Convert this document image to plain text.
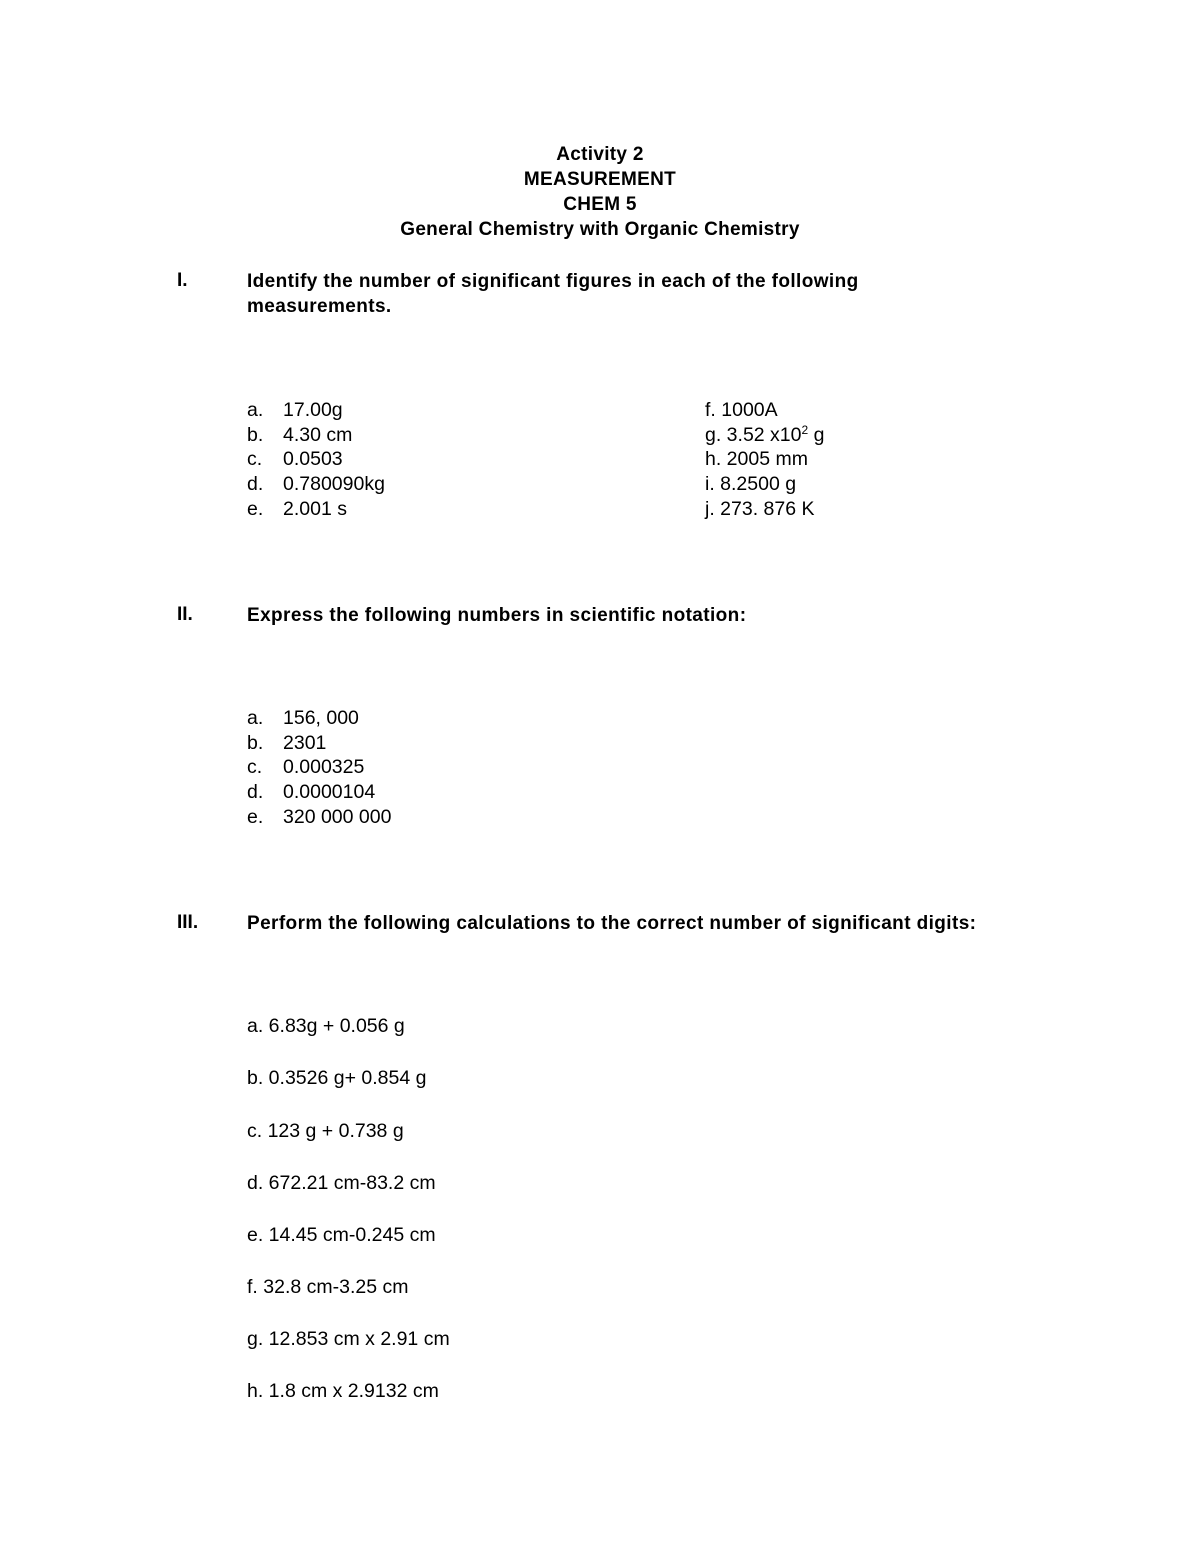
Activity 2
MEASUREMENT
CHEM 5
General Chemistry with Organic Chemistry
I.	Identify the number of significant figures in each of the following measurements.
a. 17.00g
b. 4.30 cm
c. 0.0503
d. 0.780090kg
e. 2.001 s
f. 1000A
g. 3.52 $x10^2$ g
h. 2005 mm
i. 8.2500 g
j. 273. 876 K
II.	Express the following numbers in scientific notation:
a. 156, 000
b. 2301
c. 0.000325
d. 0.0000104
e. 320 000 000
III.	Perform the following calculations to the correct number of significant digits:
a. 6.83g + 0.056 g
b. 0.3526 g+ 0.854 g
c. 123 g + 0.738 g
d. 672.21 cm-83.2 cm
e. 14.45 cm-0.245 cm
f. 32.8 cm-3.25 cm
g. 12.853 cm x 2.91 cm
h. 1.8 cm x 2.9132 cm
